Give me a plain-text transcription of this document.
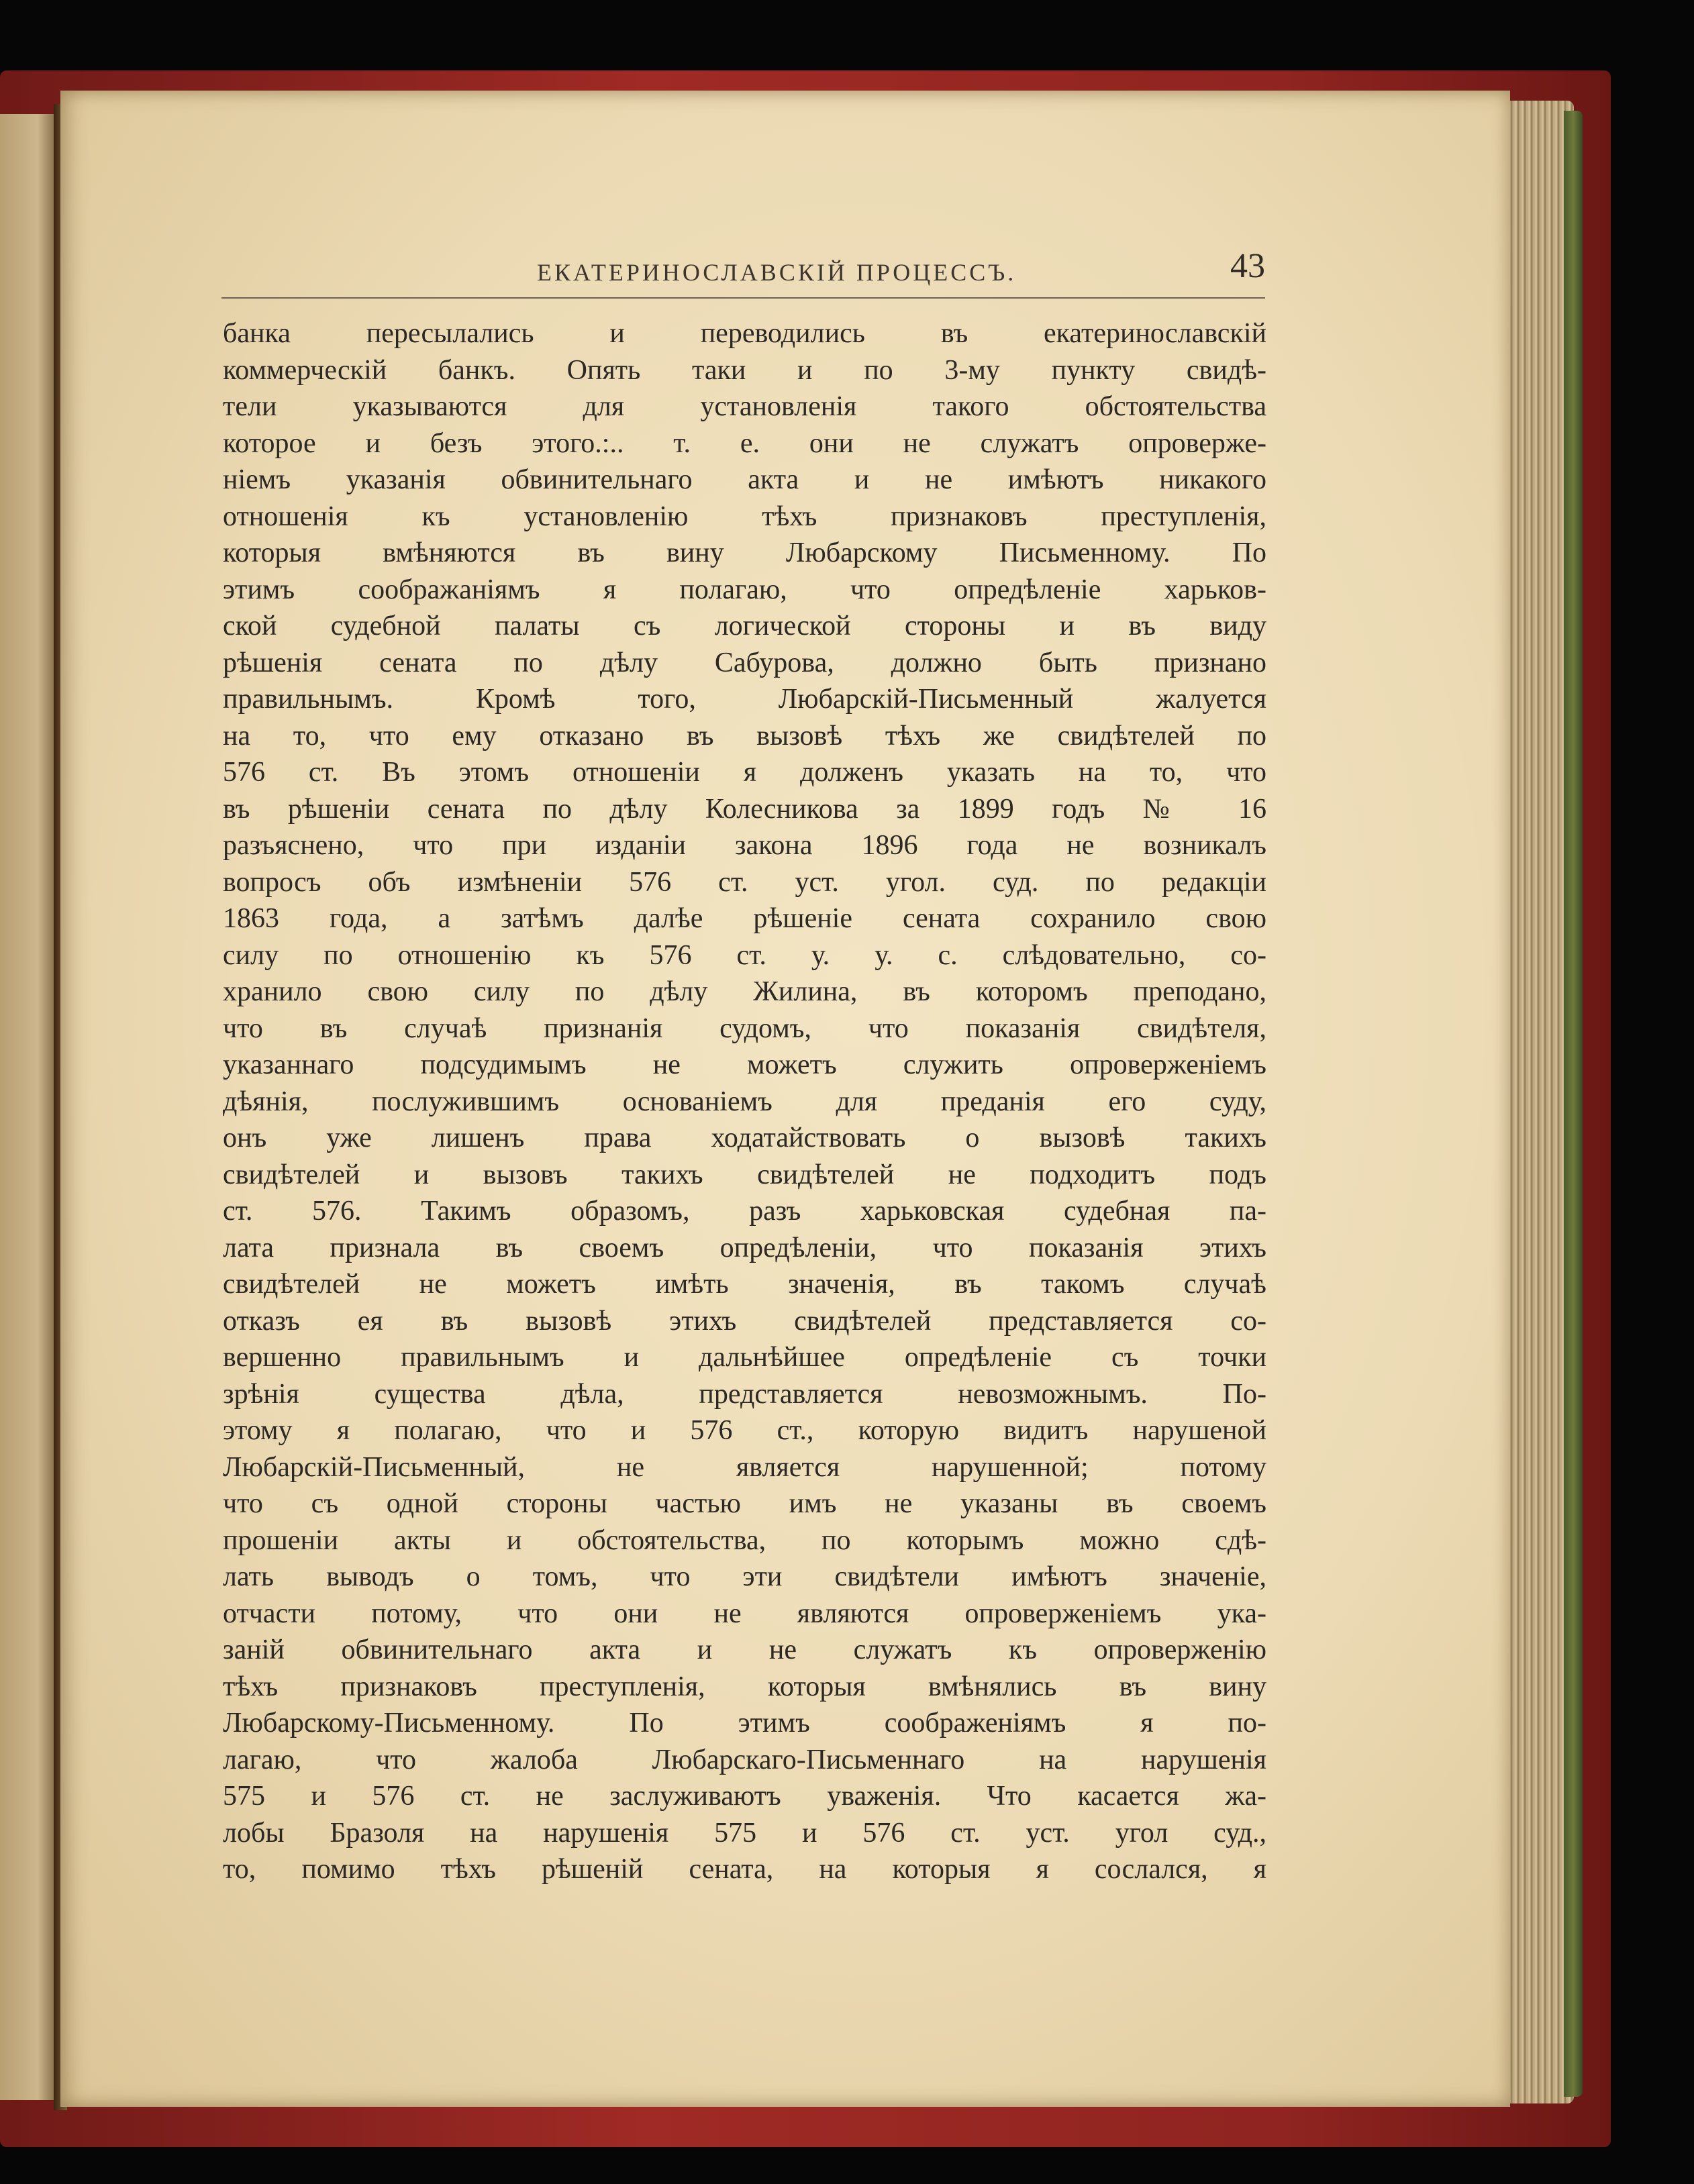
ЕКАТЕРИНОСЛАВСКІЙ ПРОЦЕССЪ.	43
банка пересылались и переводились въ екатеринославскій
коммерческій банкъ. Опять таки и по 3-му пункту свидѣ-
тели указываются для установленія такого обстоятельства
которое и безъ этого.:.. т. е. они не служатъ опроверже-
ніемъ указанія обвинительнаго акта и не имѣютъ никакого
отношенія къ установленію тѣхъ признаковъ преступленія,
которыя вмѣняются въ вину Любарскому Письменному. По
этимъ соображаніямъ я полагаю, что опредѣленіе харьков-
ской судебной палаты съ логической стороны и въ виду
рѣшенія сената по дѣлу Сабурова, должно быть признано
правильнымъ. Кромѣ того, Любарскій-Письменный жалуется
на то, что ему отказано въ вызовѣ тѣхъ же свидѣтелей по
576 ст. Въ этомъ отношеніи я долженъ указать на то, что
въ рѣшеніи сената по дѣлу Колесникова за 1899 годъ № 16
разъяснено, что при изданіи закона 1896 года не возникалъ
вопросъ объ измѣненіи 576 ст. уст. угол. суд. по редакціи
1863 года, а затѣмъ далѣе рѣшеніе сената сохранило свою
силу по отношенію къ 576 ст. у. у. с. слѣдовательно, со-
хранило свою силу по дѣлу Жилина, въ которомъ преподано,
что въ случаѣ признанія судомъ, что показанія свидѣтеля,
указаннаго подсудимымъ не можетъ служить опроверженіемъ
дѣянія, послужившимъ основаніемъ для преданія его суду,
онъ уже лишенъ права ходатайствовать о вызовѣ такихъ
свидѣтелей и вызовъ такихъ свидѣтелей не подходитъ подъ
ст. 576. Такимъ образомъ, разъ харьковская судебная па-
лата признала въ своемъ опредѣленіи, что показанія этихъ
свидѣтелей не можетъ имѣть значенія, въ такомъ случаѣ
отказъ ея въ вызовѣ этихъ свидѣтелей представляется со-
вершенно правильнымъ и дальнѣйшее опредѣленіе съ точки
зрѣнія существа дѣла, представляется невозможнымъ. По-
этому я полагаю, что и 576 ст., которую видитъ нарушеной
Любарскій-Письменный, не является нарушенной; потому
что съ одной стороны частью имъ не указаны въ своемъ
прошеніи акты и обстоятельства, по которымъ можно сдѣ-
лать выводъ о томъ, что эти свидѣтели имѣютъ значеніе,
отчасти потому, что они не являются опроверженіемъ ука-
заній обвинительнаго акта и не служатъ къ опроверженію
тѣхъ признаковъ преступленія, которыя вмѣнялись въ вину
Любарскому-Письменному. По этимъ соображеніямъ я по-
лагаю, что жалоба Любарскаго-Письменнаго на нарушенія
575 и 576 ст. не заслуживаютъ уваженія. Что касается жа-
лобы Бразоля на нарушенія 575 и 576 ст. уст. угол суд.,
то, помимо тѣхъ рѣшеній сената, на которыя я сослался, я
